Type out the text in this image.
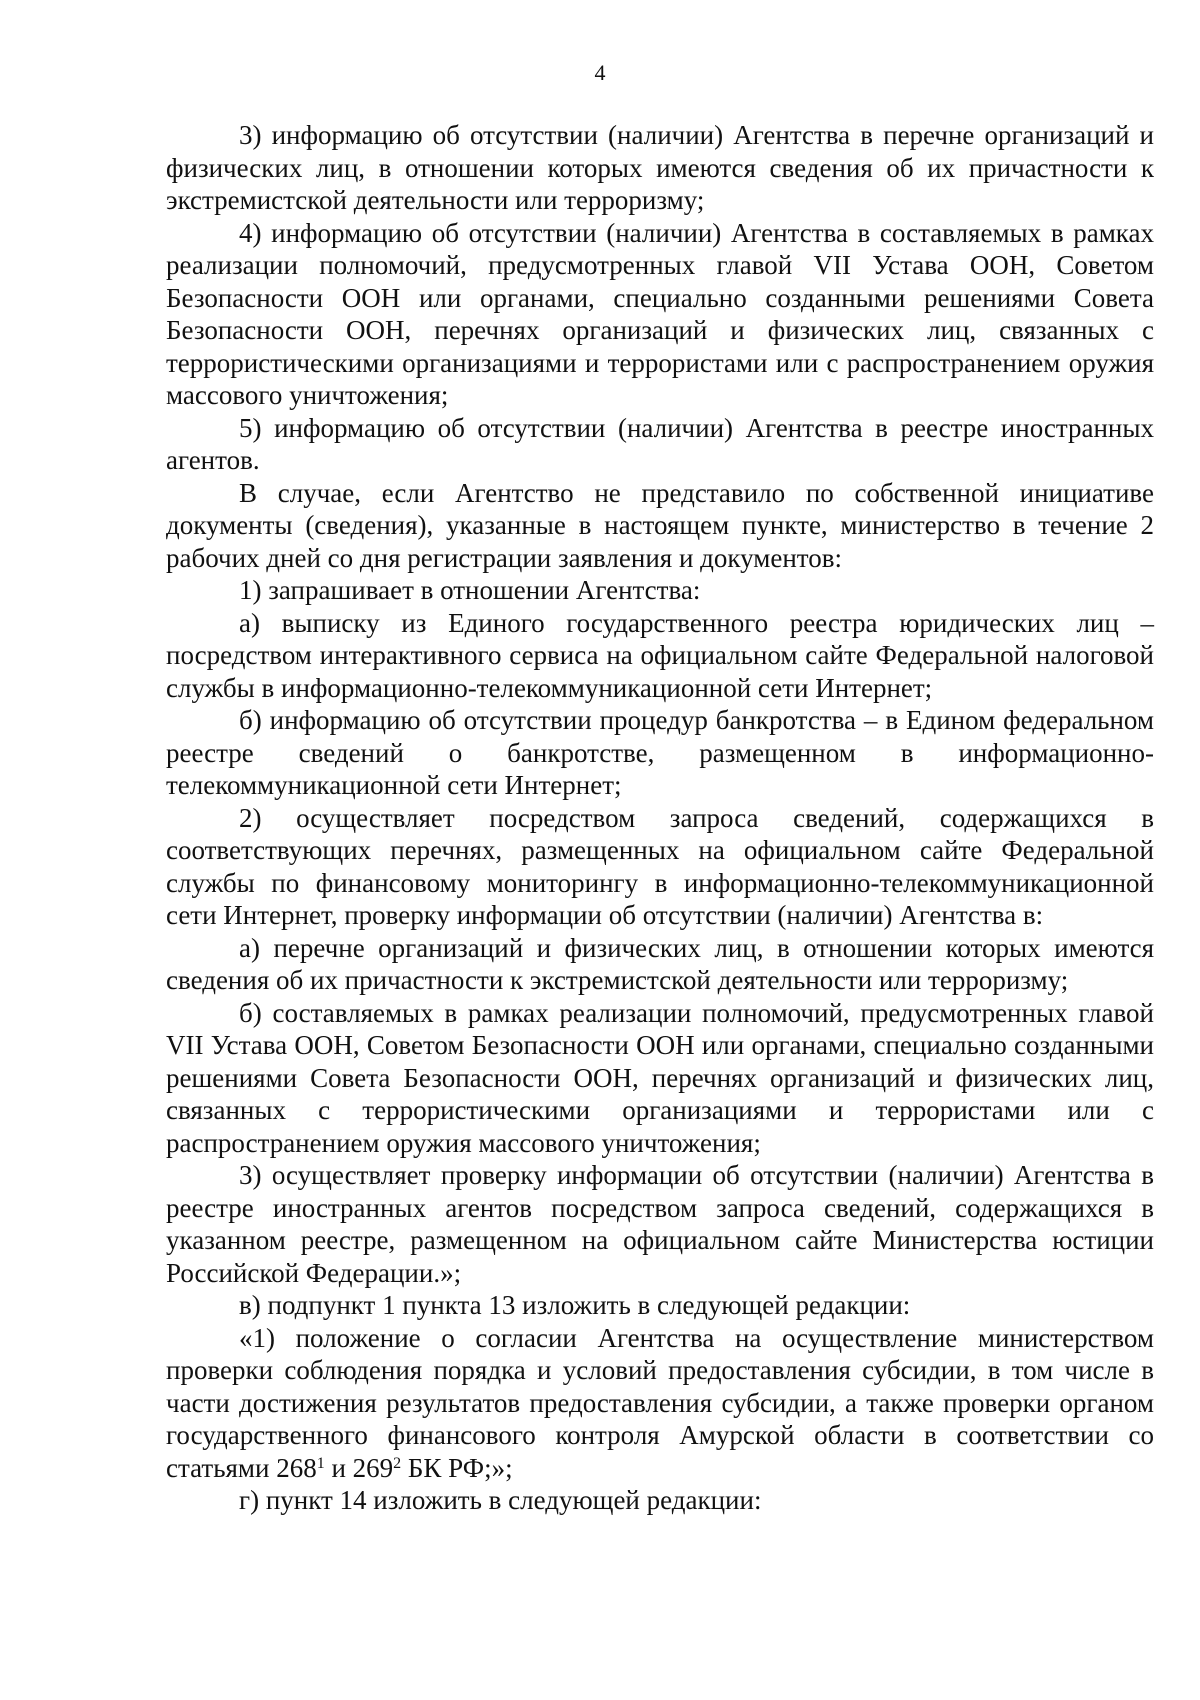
4

3) информацию об отсутствии (наличии) Агентства в перечне организаций и физических лиц, в отношении которых имеются сведения об их причастности к экстремистской деятельности или терроризму;

4) информацию об отсутствии (наличии) Агентства в составляемых в рамках реализации полномочий, предусмотренных главой VII Устава ООН, Советом Безопасности ООН или органами, специально созданными решениями Совета Безопасности ООН, перечнях организаций и физических лиц, связанных с террористическими организациями и террористами или с распространением оружия массового уничтожения;

5) информацию об отсутствии (наличии) Агентства в реестре иностранных агентов.

В случае, если Агентство не представило по собственной инициативе документы (сведения), указанные в настоящем пункте, министерство в течение 2 рабочих дней со дня регистрации заявления и документов:

1) запрашивает в отношении Агентства:

а) выписку из Единого государственного реестра юридических лиц – посредством интерактивного сервиса на официальном сайте Федеральной налоговой службы в информационно-телекоммуникационной сети Интернет;

б) информацию об отсутствии процедур банкротства – в Едином федеральном реестре сведений о банкротстве, размещенном в информационно-телекоммуникационной сети Интернет;

2) осуществляет посредством запроса сведений, содержащихся в соответствующих перечнях, размещенных на официальном сайте Федеральной службы по финансовому мониторингу в информационно-телекоммуникационной сети Интернет, проверку информации об отсутствии (наличии) Агентства в:

а) перечне организаций и физических лиц, в отношении которых имеются сведения об их причастности к экстремистской деятельности или терроризму;

б) составляемых в рамках реализации полномочий, предусмотренных главой VII Устава ООН, Советом Безопасности ООН или органами, специально созданными решениями Совета Безопасности ООН, перечнях организаций и физических лиц, связанных с террористическими организациями и террористами или с распространением оружия массового уничтожения;

3) осуществляет проверку информации об отсутствии (наличии) Агентства в реестре иностранных агентов посредством запроса сведений, содержащихся в указанном реестре, размещенном на официальном сайте Министерства юстиции Российской Федерации.»;

в) подпункт 1 пункта 13 изложить в следующей редакции:

«1) положение о согласии Агентства на осуществление министерством проверки соблюдения порядка и условий предоставления субсидии, в том числе в части достижения результатов предоставления субсидии, а также проверки органом государственного финансового контроля Амурской области в соответствии со статьями $268^1$ и $269^2$ БК РФ;»;

г) пункт 14 изложить в следующей редакции:
